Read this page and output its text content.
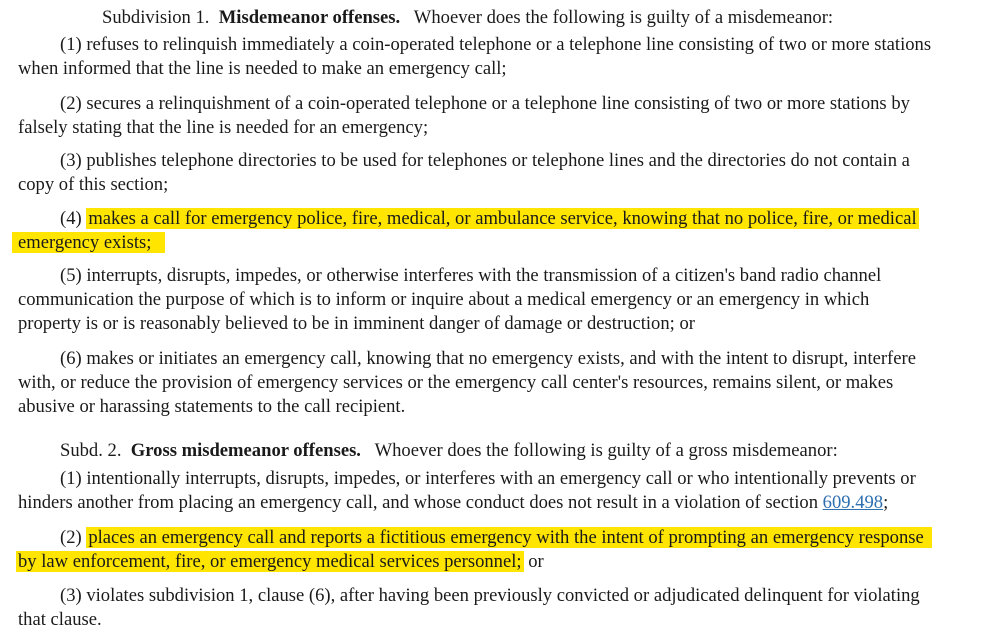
Subdivision 1. Misdemeanor offenses. Whoever does the following is guilty of a misdemeanor:
(1) refuses to relinquish immediately a coin-operated telephone or a telephone line consisting of two or more stations
when informed that the line is needed to make an emergency call;
(2) secures a relinquishment of a coin-operated telephone or a telephone line consisting of two or more stations by
falsely stating that the line is needed for an emergency;
(3) publishes telephone directories to be used for telephones or telephone lines and the directories do not contain a
copy of this section;
(4) makes a call for emergency police, fire, medical, or ambulance service, knowing that no police, fire, or medical
emergency exists;
(5) interrupts, disrupts, impedes, or otherwise interferes with the transmission of a citizen's band radio channel
communication the purpose of which is to inform or inquire about a medical emergency or an emergency in which
property is or is reasonably believed to be in imminent danger of damage or destruction; or
(6) makes or initiates an emergency call, knowing that no emergency exists, and with the intent to disrupt, interfere
with, or reduce the provision of emergency services or the emergency call center's resources, remains silent, or makes
abusive or harassing statements to the call recipient.
Subd. 2. Gross misdemeanor offenses. Whoever does the following is guilty of a gross misdemeanor:
(1) intentionally interrupts, disrupts, impedes, or interferes with an emergency call or who intentionally prevents or
hinders another from placing an emergency call, and whose conduct does not result in a violation of section 609.498;
(2) places an emergency call and reports a fictitious emergency with the intent of prompting an emergency response
by law enforcement, fire, or emergency medical services personnel; or
(3) violates subdivision 1, clause (6), after having been previously convicted or adjudicated delinquent for violating
that clause.
